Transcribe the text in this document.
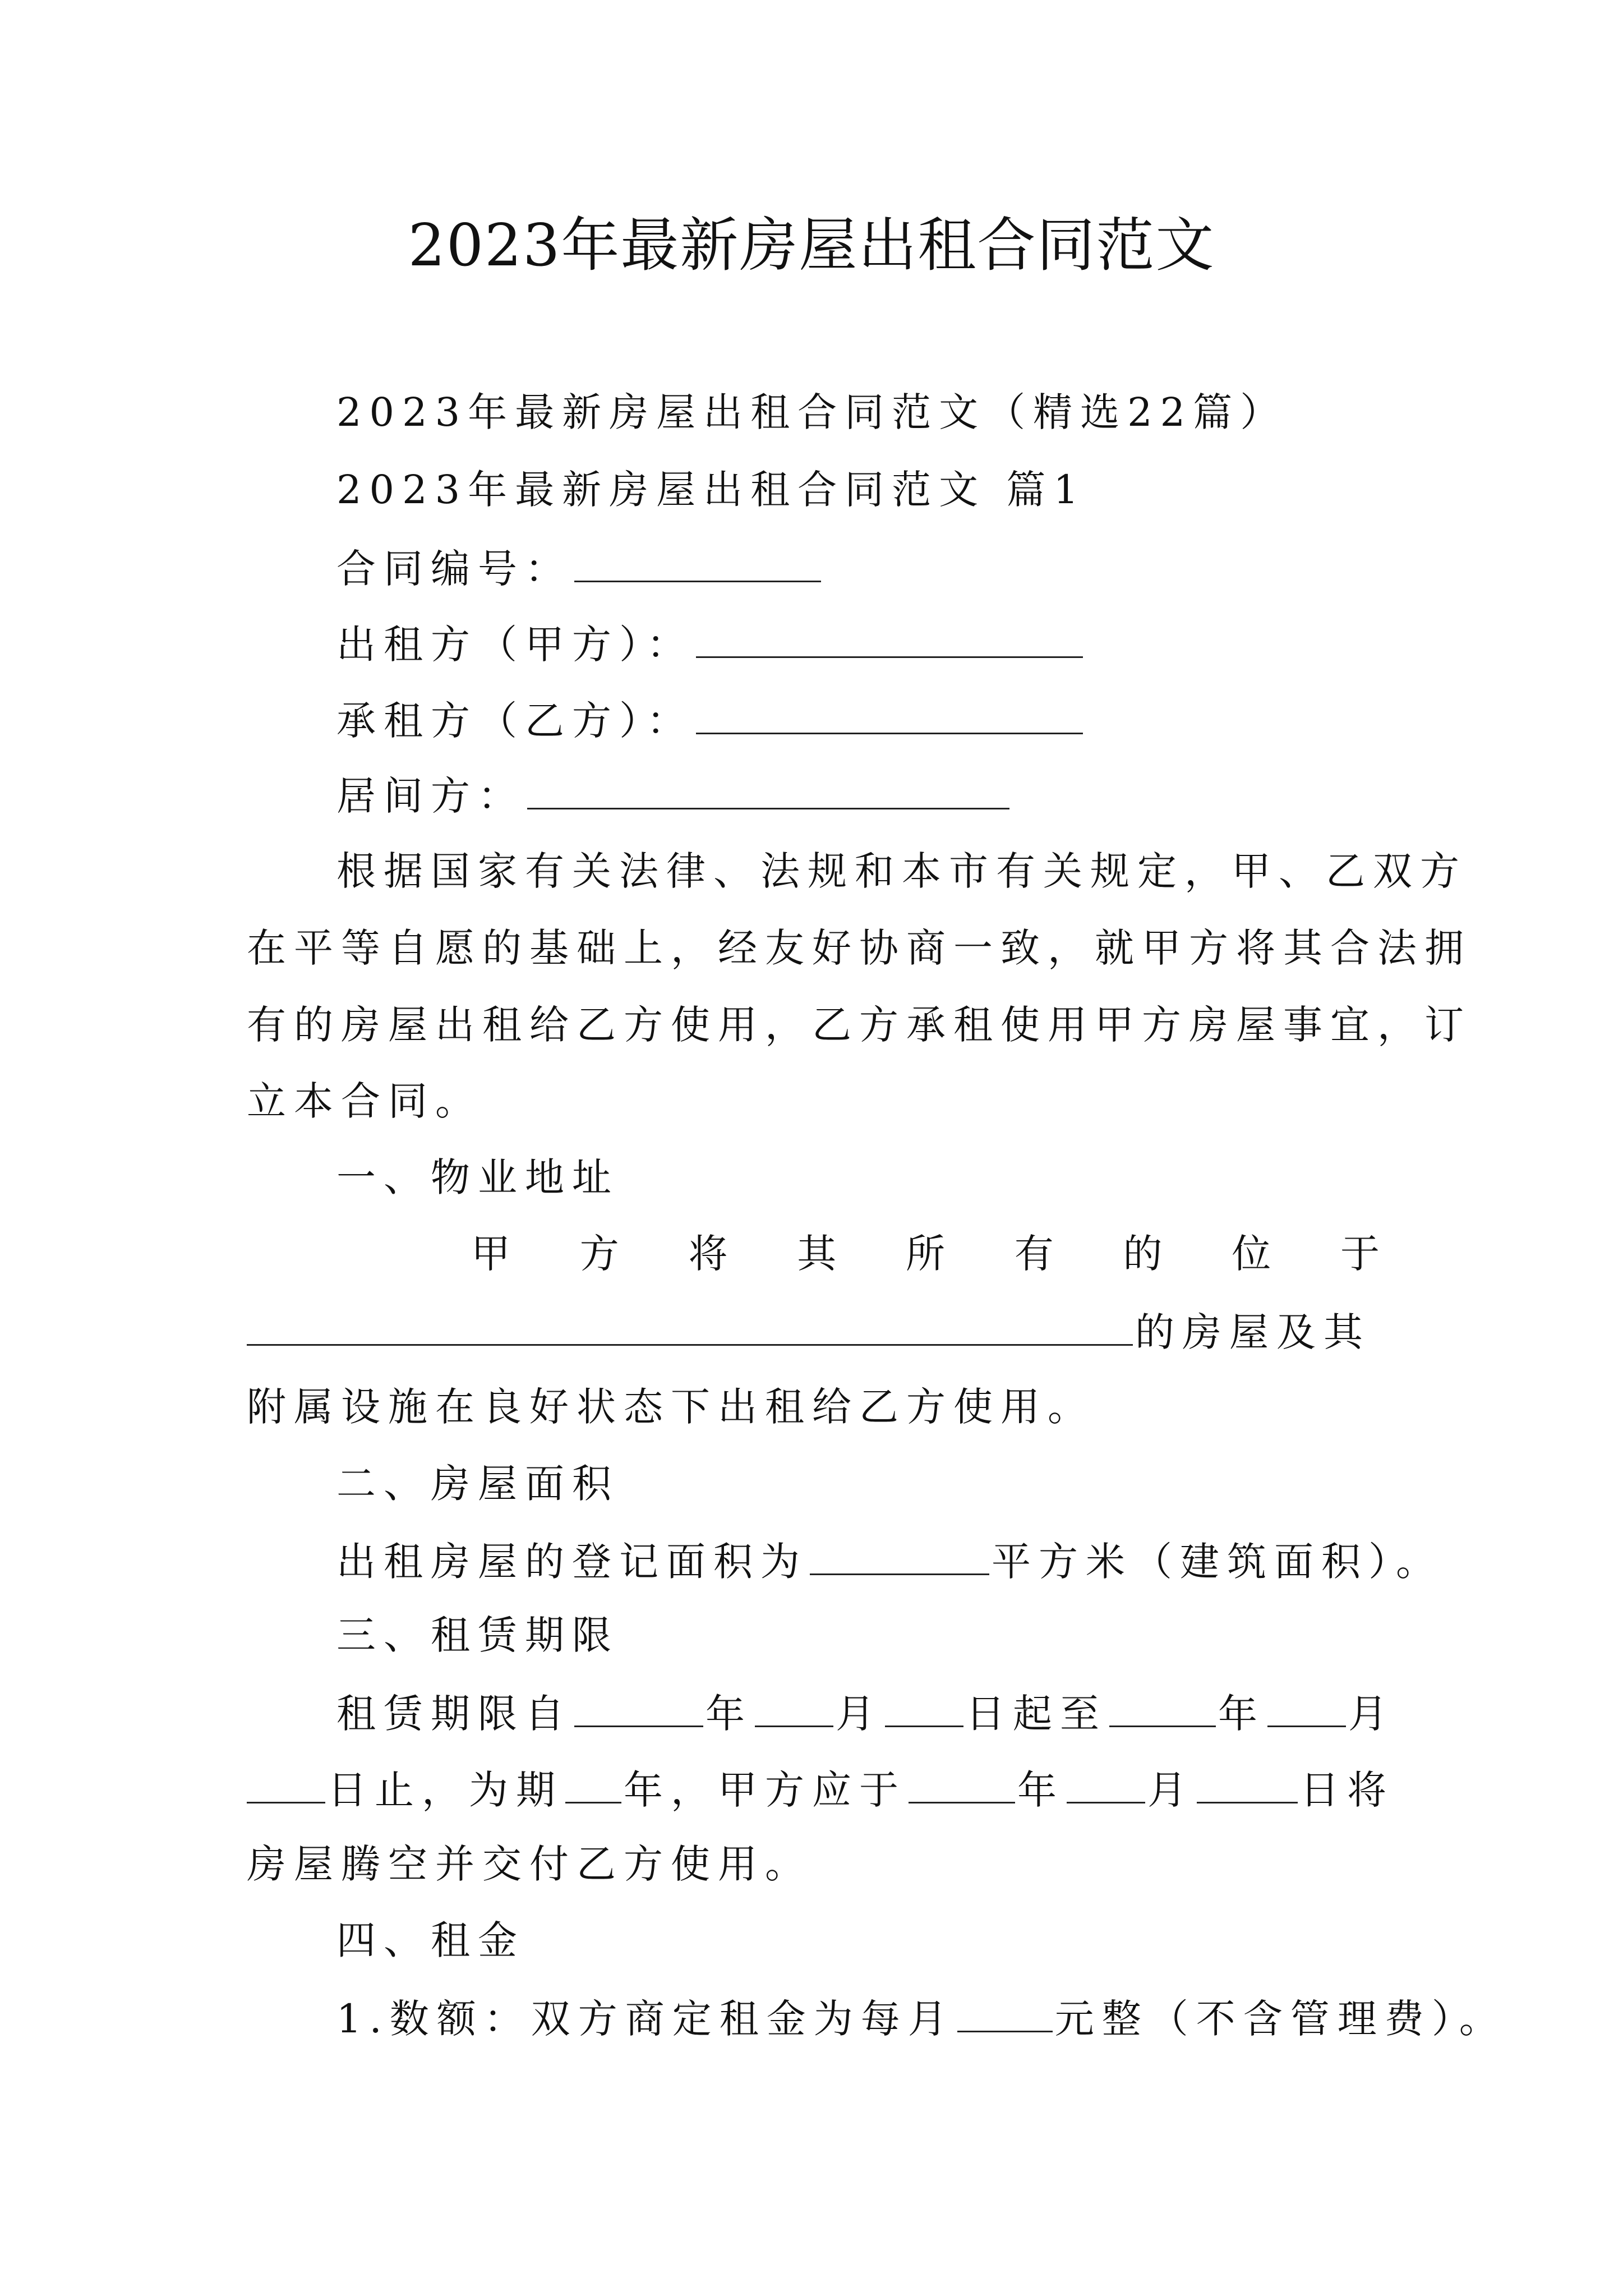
2023年最新房屋出租合同范文
2023年最新房屋出租合同范文（精选22篇）
2023年最新房屋出租合同范文 篇1
合同编号：
出租方（甲方）：
承租方（乙方）：
居间方：
根据国家有关法律、法规和本市有关规定，甲、乙双方
在平等自愿的基础上，经友好协商一致，就甲方将其合法拥
有的房屋出租给乙方使用，乙方承租使用甲方房屋事宜，订
立本合同。
一、物业地址
甲 方 将 其 所 有 的 位 于
的房屋及其
附属设施在良好状态下出租给乙方使用。
二、房屋面积
出租房屋的登记面积为	平方米（建筑面积）。
三、租赁期限
租赁期限自	年 月 日起至	年 月
日止，为期 年，甲方应于	年 月	日将
房屋腾空并交付乙方使用。
四、租金
1.数额：双方商定租金为每月	元整（不含管理费）。
